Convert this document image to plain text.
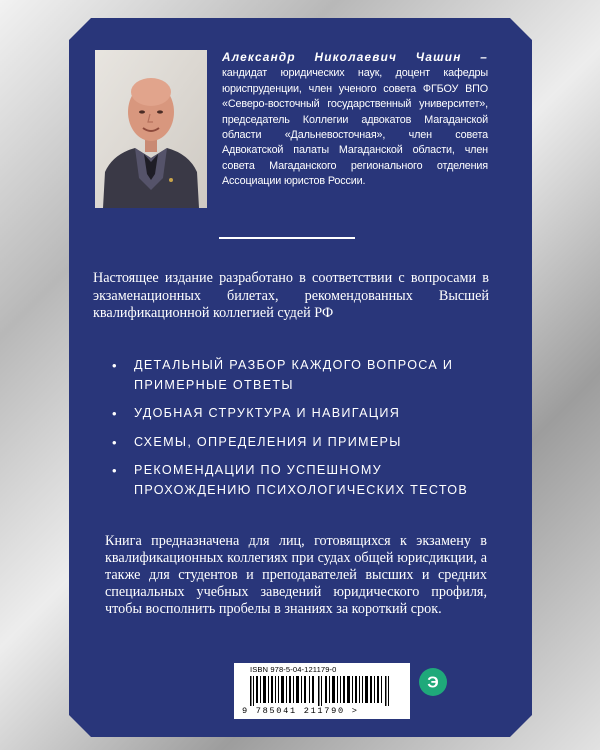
Александр Николаевич Чашин – кандидат юридических наук, доцент кафедры юриспруденции, член ученого совета ФГБОУ ВПО «Северо-восточный государственный университет», председатель Коллегии адвокатов Магаданской области «Дальневосточная», член совета Адвокатской палаты Магаданской области, член совета Магаданского регионального отделения Ассоциации юристов России.
Настоящее издание разработано в соответствии с вопросами в экзаменационных билетах, рекомендованных Высшей квалификационной коллегией судей РФ
• ДЕТАЛЬНЫЙ РАЗБОР КАЖДОГО ВОПРОСА И ПРИМЕРНЫЕ ОТВЕТЫ
• УДОБНАЯ СТРУКТУРА И НАВИГАЦИЯ
• СХЕМЫ, ОПРЕДЕЛЕНИЯ И ПРИМЕРЫ
• РЕКОМЕНДАЦИИ ПО УСПЕШНОМУ ПРОХОЖДЕНИЮ ПСИХОЛОГИЧЕСКИХ ТЕСТОВ
Книга предназначена для лиц, готовящихся к экзамену в квалификационных коллегиях при судах общей юрисдикции, а также для студентов и преподавателей высших и средних специальных учебных заведений юридического профиля, чтобы восполнить пробелы в знаниях за короткий срок.
ISBN 978-5-04-121179-0
9 785041 211790 >
Э
